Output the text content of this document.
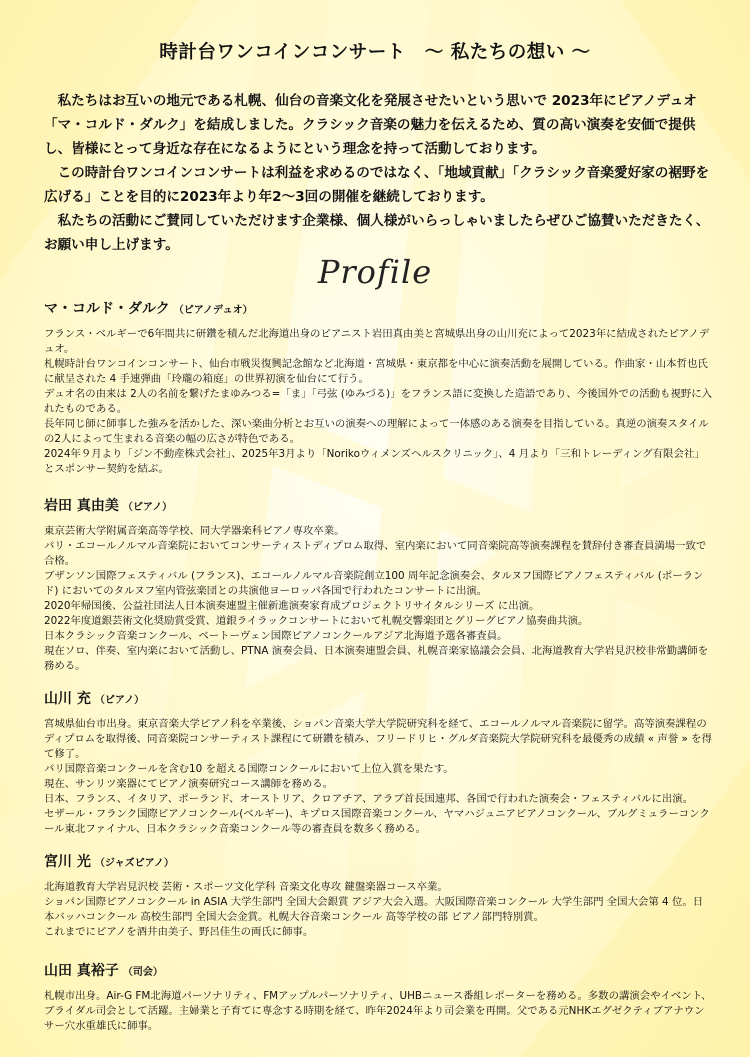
時計台ワンコインコンサート　〜 私たちの想い 〜

私たちはお互いの地元である札幌、仙台の音楽文化を発展させたいという思いで 2023年にピアノデュオ「マ・コルド・ダルク」を結成しました。クラシック音楽の魅力を伝えるため、質の高い演奏を安価で提供し、皆様にとって身近な存在になるようにという理念を持って活動しております。

この時計台ワンコインコンサートは利益を求めるのではなく、「地域貢献」「クラシック音楽愛好家の裾野を広げる」ことを目的に2023年より年2〜3回の開催を継続しております。

私たちの活動にご賛同していただけます企業様、個人様がいらっしゃいましたらぜひご協賛いただきたく、お願い申し上げます。

Profile
マ・コルド・ダルク （ピアノデュオ）

フランス・ベルギーで6年間共に研鑽を積んだ北海道出身のピアニスト岩田真由美と宮城県出身の山川充によって2023年に結成されたピアノデュオ。

札幌時計台ワンコインコンサート、仙台市戦災復興記念館など北海道・宮城県・東京都を中心に演奏活動を展開している。作曲家・山本哲也氏に献呈された 4 手連弾曲「玲瓏の箱庭」の世界初演を仙台にて行う。

デュオ名の由来は 2人の名前を繋げたまゆみつる=「ま」「弓弦 (ゆみづる)」をフランス語に変換した造語であり、今後国外での活動も視野に入れたものである。

長年同じ師に師事した強みを活かした、深い楽曲分析とお互いの演奏への理解によって一体感のある演奏を目指している。真逆の演奏スタイルの2人によって生まれる音楽の幅の広さが特色である。

2024年９月より「ジン不動産株式会社」、2025年3月より「Norikoウィメンズヘルスクリニック」、4 月より「三和トレーディング有限会社」とスポンサー契約を結ぶ。

岩田 真由美 （ピアノ）

東京芸術大学附属音楽高等学校、同大学器楽科ピアノ専攻卒業。

パリ・エコールノルマル音楽院においてコンサーティストディプロム取得、室内楽において同音楽院高等演奏課程を賛辞付き審査員満場一致で合格。

ブザンソン国際フェスティバル (フランス)、エコールノルマル音楽院創立100 周年記念演奏会、タルヌフ国際ピアノフェスティバル (ポーランド) においてのタルヌフ室内管弦楽団との共演他ヨーロッパ各国で行われたコンサートに出演。

2020年帰国後、公益社団法人日本演奏連盟主催新進演奏家育成プロジェクトリサイタルシリーズ に出演。

2022年度道銀芸術文化奨励賞受賞、道銀ライラックコンサートにおいて札幌交響楽団とグリーグピアノ協奏曲共演。

日本クラシック音楽コンクール、ベートーヴェン国際ピアノコンクールアジア北海道予選各審査員。

現在ソロ、伴奏、室内楽において活動し、PTNA 演奏会員、日本演奏連盟会員、札幌音楽家協議会会員、北海道教育大学岩見沢校非常勤講師を務める。

山川 充 （ピアノ）

宮城県仙台市出身。東京音楽大学ピアノ科を卒業後、ショパン音楽大学大学院研究科を経て、エコールノルマル音楽院に留学。高等演奏課程のディプロムを取得後、同音楽院コンサーティスト課程にて研鑽を積み、フリードリヒ・グルダ音楽院大学院研究科を最優秀の成績 « 声誉 » を得て修了。

パリ国際音楽コンクールを含む10 を超える国際コンクールにおいて上位入賞を果たす。

現在、サンリツ楽器にてピアノ演奏研究コース講師を務める。

日本、フランス、イタリア、ポーランド、オーストリア、クロアチア、アラブ首長国連邦、各国で行われた演奏会・フェスティバルに出演。

セザール・フランク国際ピアノコンクール(ベルギー)、キプロス国際音楽コンクール、ヤマハジュニアピアノコンクール、ブルグミュラーコンクール東北ファイナル、日本クラシック音楽コンクール等の審査員を数多く務める。

宮川 光 （ジャズピアノ）

北海道教育大学岩見沢校 芸術・スポーツ文化学科 音楽文化専攻 鍵盤楽器コース卒業。

ショパン国際ピアノコンクール in ASIA 大学生部門 全国大会銀賞 アジア大会入選。大阪国際音楽コンクール 大学生部門 全国大会第 4 位。日本バッハコンクール 高校生部門 全国大会金賞。札幌大谷音楽コンクール 高等学校の部 ピアノ部門特別賞。

これまでにピアノを酒井由美子、野呂佳生の両氏に師事。

山田 真裕子 （司会）

札幌市出身。Air-G FM北海道パーソナリティ、FMアップルパーソナリティ、UHBニュース番組レポーターを務める。多数の講演会やイベント、ブライダル司会として活躍。主婦業と子育てに専念する時期を経て、昨年2024年より司会業を再開。父である元NHKエグゼクティブアナウンサー穴水重雄氏に師事。
